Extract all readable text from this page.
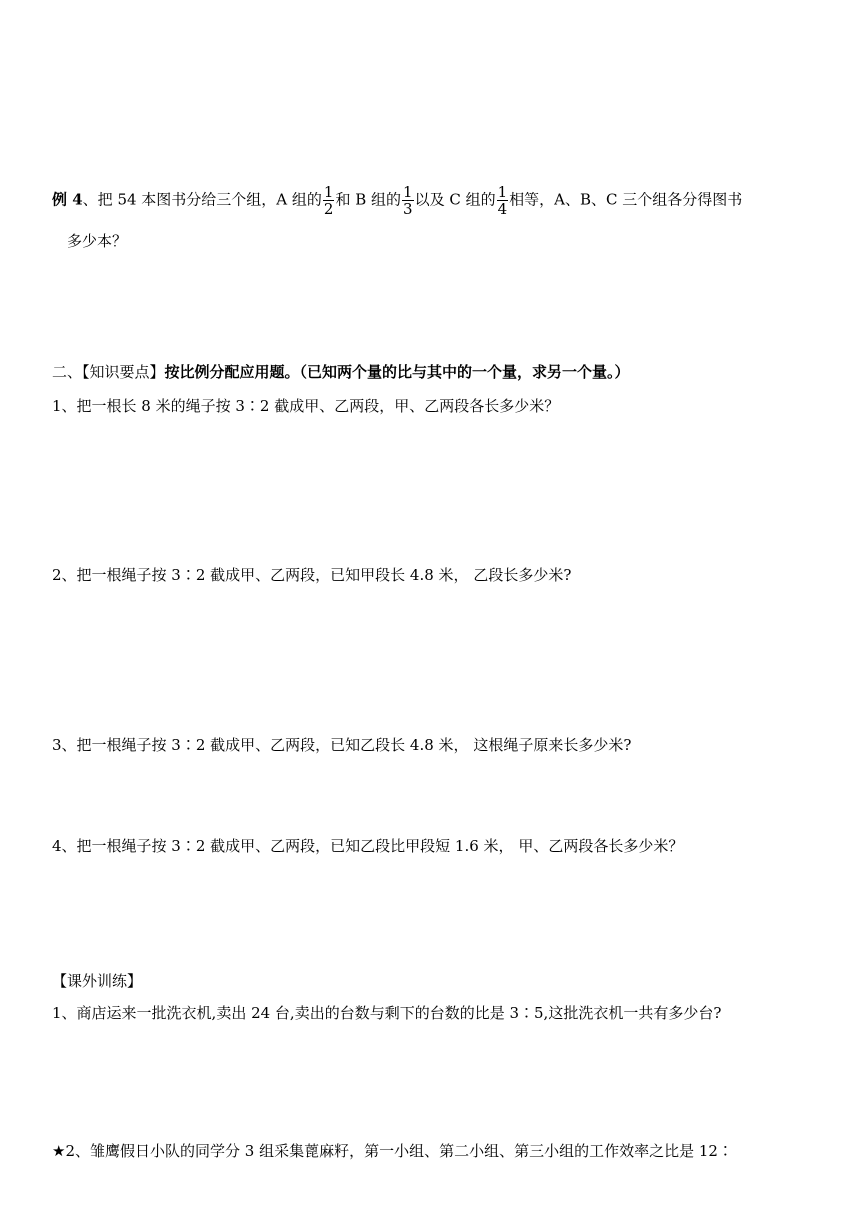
例 4、把 54 本图书分给三个组，A 组的 $\frac{1}{2}$ 和 B 组的 $\frac{1}{3}$ 以及 C 组的 $\frac{1}{4}$ 相等，A、B、C 三个组各分得图书
多少本？
二、【知识要点】按比例分配应用题。（已知两个量的比与其中的一个量，求另一个量。）
1、把一根长 8 米的绳子按 3∶2 截成甲、乙两段，甲、乙两段各长多少米？
2、把一根绳子按 3∶2 截成甲、乙两段，已知甲段长 4.8 米， 乙段长多少米?
3、把一根绳子按 3∶2 截成甲、乙两段，已知乙段长 4.8 米， 这根绳子原来长多少米?
4、把一根绳子按 3∶2 截成甲、乙两段，已知乙段比甲段短 1.6 米， 甲、乙两段各长多少米？
【课外训练】
1、商店运来一批洗衣机,卖出 24 台,卖出的台数与剩下的台数的比是 3∶5,这批洗衣机一共有多少台?
★2、雏鹰假日小队的同学分 3 组采集蓖麻籽，第一小组、第二小组、第三小组的工作效率之比是 12∶
